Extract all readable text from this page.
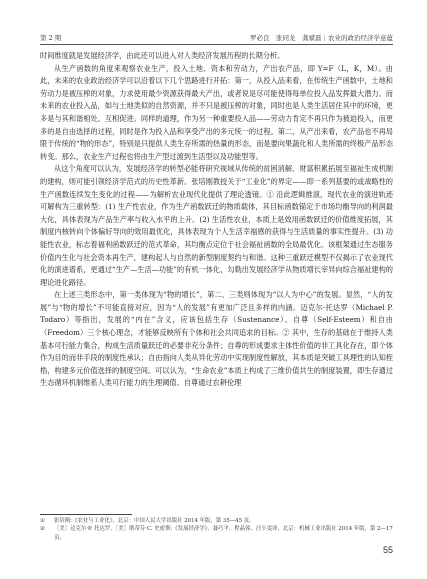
第 2 期	罗必良　张同龙　龚斌磊｜农业的政治经济学意蕴

时间维度就是发展经济学，由此还可以进入对人类经济发展历程的长期分析。

从生产函数的角度来观察农业生产，投入土地、资本和劳动力，产出农产品，即 Y=F（L，K，M）。由此，未来的农业政治经济学可以沿着以下几个思路进行开拓：第一，从投入品来看，在传统生产函数中，土地和劳动力是被压榨的对象，力求使用最少资源获得最大产出，或者说是尽可能使得每单位投入品发挥最大潜力。而未来的农业投入品，如与土地类似的自然资源，并不只是被压榨的对象，同时也是人类生活居住其中的环境，更多是与其和谐相处、互相促进。同样的道理，作为另一种重要投入品——劳动力肯定不再只作为被迫投入，而更多的是自由选择的过程，同时是作为投入品和享受产出的多元统一的过程。第二，从产出来看，农产品也不再局限于传统的“物的形态”，特别是只提供人类生存所需的热量的形态，而是要向果蔬化和人类所需的终极产品形态转变。那么，农业生产过程也将由生产型过渡到生活型以及功能型等。

从这个角度可以认为，发展经济学的转型必能将研究视域从传统的贫困消解、财富积累拓展至福祉生成机制的建构，则可能引领经济学范式的历史性革新。张培刚教授关于“工业化”的界定——即一系列基要的或战略性的生产函数连续发生变化的过程——为解析农业现代化提供了理论透镜。① 沿此逻辑推演，现代农业的演进轨迹可解构为三重转型：(1) 生产性农业，作为生产函数跃迁的物质载体，其目标函数锚定于市场均衡导向的利润最大化，具体表现为产品生产率与收入水平的上升。(2) 生活性农业，本质上是效用函数跃迁的价值维度拓展，其制度内核转向个体偏好导向的效用最优化，具体表现为个人生活幸福感的获得与生活质量的事实性提升。(3) 功能性农业，标志着福利函数跃迁的范式革命，其均衡点定位于社会福祉函数的全局最优化。该框架通过生态服务价值内生化与社会资本再生产，建构起人与自然的新型制度契约与和谐。这种三重跃迁模型不仅揭示了农业现代化的演进谱系，更通过“生产—生活—功能”的有机一体化，勾勒出发展经济学从物质增长宰异向综合福祉建构的理论进化路径。

在上述三类形态中，第一类体现为“物的增长”，第二、三类则体现为“以人为中心”的发展。显然，“人的发展”与“物的增长”不可能直接对应，因为“人的发展”有更加广泛且多样的内涵。迈克尔·托达罗（Michael P. Todaro）等指出，发展的“内在”含义，应该包括生存（Sustenance）、自尊（Self-Esteem）和自由（Freedom）三个核心理念，才能够反映所有个体和社会共同追求的目标。② 其中，生存的基础在于维持人类基本可行能力集合，构成生活质量跃迁的必要非充分条件；自尊的形成要求主体性价值的非工具化存在，即个体作为目的而非手段的制度性承认；自由指向人类从异化劳动中实现制度性解放，其本质是突破工具理性的认知桎梏，构建多元价值选择的制度空间。可以认为，“生命农业”本质上构成了三维价值共生的制度装置，即生存通过生态循环机制维系人类可行能力的生理阈值、自尊通过农耕伦理

①	张培刚:《农业与工业化》，北京：中国人民大学出版社 2014 年版，第 35—45 页。
②	［美］迈克尔·P. 托达罗、［美］斯蒂芬·C. 史密斯:《发展经济学》，聂巧平、程晶蓉、汪小雯译，北京：机械工业出版社 2014 年版，第 2—17 页。
55
